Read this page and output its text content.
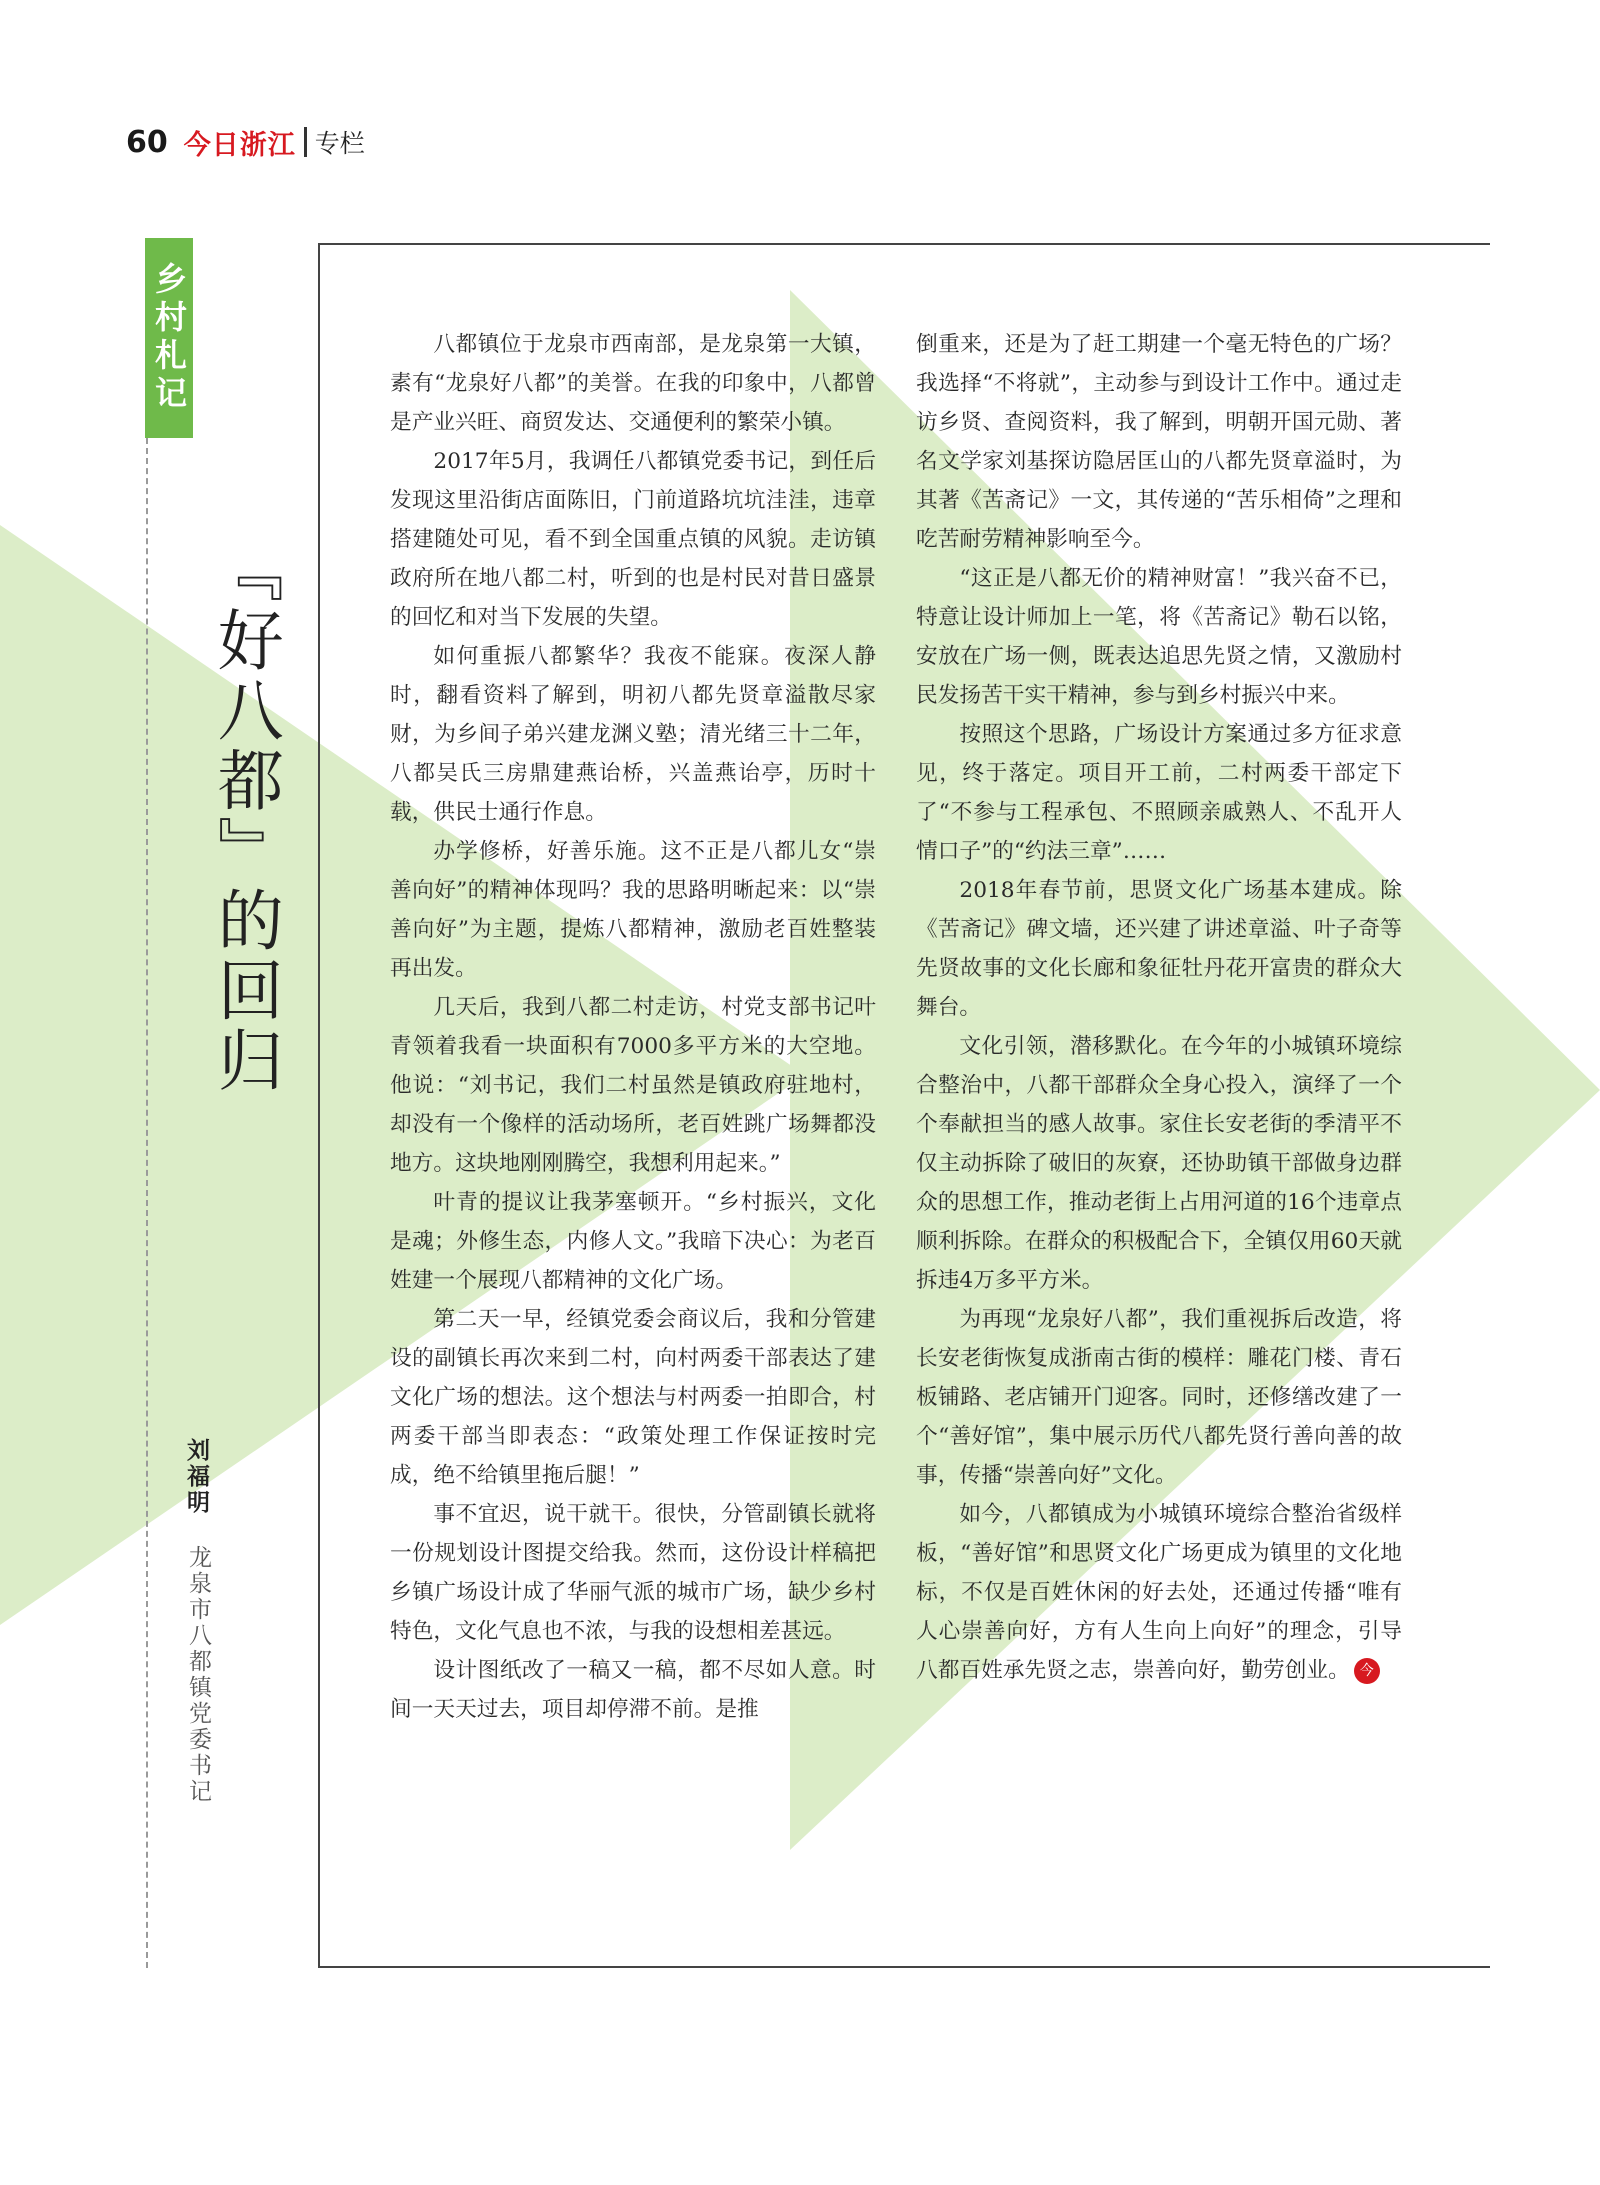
60 今日浙江 专栏
乡村札记
『好八都』的回归
刘福明
龙泉市八都镇党委书记

八都镇位于龙泉市西南部，是龙泉第一大镇，素有“龙泉好八都”的美誉。在我的印象中，八都曾是产业兴旺、商贸发达、交通便利的繁荣小镇。

2017年5月，我调任八都镇党委书记，到任后发现这里沿街店面陈旧，门前道路坑坑洼洼，违章搭建随处可见，看不到全国重点镇的风貌。走访镇政府所在地八都二村，听到的也是村民对昔日盛景的回忆和对当下发展的失望。

如何重振八都繁华？我夜不能寐。夜深人静时，翻看资料了解到，明初八都先贤章溢散尽家财，为乡间子弟兴建龙渊义塾；清光绪三十二年，八都吴氏三房鼎建燕诒桥，兴盖燕诒亭，历时十载，供民士通行作息。

办学修桥，好善乐施。这不正是八都儿女“崇善向好”的精神体现吗？我的思路明晰起来：以“崇善向好”为主题，提炼八都精神，激励老百姓整装再出发。

几天后，我到八都二村走访，村党支部书记叶青领着我看一块面积有7000多平方米的大空地。他说：“刘书记，我们二村虽然是镇政府驻地村，却没有一个像样的活动场所，老百姓跳广场舞都没地方。这块地刚刚腾空，我想利用起来。”

叶青的提议让我茅塞顿开。“乡村振兴，文化是魂；外修生态，内修人文。”我暗下决心：为老百姓建一个展现八都精神的文化广场。

第二天一早，经镇党委会商议后，我和分管建设的副镇长再次来到二村，向村两委干部表达了建文化广场的想法。这个想法与村两委一拍即合，村两委干部当即表态：“政策处理工作保证按时完成，绝不给镇里拖后腿！”

事不宜迟，说干就干。很快，分管副镇长就将一份规划设计图提交给我。然而，这份设计样稿把乡镇广场设计成了华丽气派的城市广场，缺少乡村特色，文化气息也不浓，与我的设想相差甚远。

设计图纸改了一稿又一稿，都不尽如人意。时间一天天过去，项目却停滞不前。是推

倒重来，还是为了赶工期建一个毫无特色的广场？我选择“不将就”，主动参与到设计工作中。通过走访乡贤、查阅资料，我了解到，明朝开国元勋、著名文学家刘基探访隐居匡山的八都先贤章溢时，为其著《苦斋记》一文，其传递的“苦乐相倚”之理和吃苦耐劳精神影响至今。

“这正是八都无价的精神财富！”我兴奋不已，特意让设计师加上一笔，将《苦斋记》勒石以铭，安放在广场一侧，既表达追思先贤之情，又激励村民发扬苦干实干精神，参与到乡村振兴中来。

按照这个思路，广场设计方案通过多方征求意见，终于落定。项目开工前，二村两委干部定下了“不参与工程承包、不照顾亲戚熟人、不乱开人情口子”的“约法三章”……

2018年春节前，思贤文化广场基本建成。除《苦斋记》碑文墙，还兴建了讲述章溢、叶子奇等先贤故事的文化长廊和象征牡丹花开富贵的群众大舞台。

文化引领，潜移默化。在今年的小城镇环境综合整治中，八都干部群众全身心投入，演绎了一个个奉献担当的感人故事。家住长安老街的季清平不仅主动拆除了破旧的灰寮，还协助镇干部做身边群众的思想工作，推动老街上占用河道的16个违章点顺利拆除。在群众的积极配合下，全镇仅用60天就拆违4万多平方米。

为再现“龙泉好八都”，我们重视拆后改造，将长安老街恢复成浙南古街的模样：雕花门楼、青石板铺路、老店铺开门迎客。同时，还修缮改建了一个“善好馆”，集中展示历代八都先贤行善向善的故事，传播“崇善向好”文化。

如今，八都镇成为小城镇环境综合整治省级样板，“善好馆”和思贤文化广场更成为镇里的文化地标，不仅是百姓休闲的好去处，还通过传播“唯有人心崇善向好，方有人生向上向好”的理念，引导八都百姓承先贤之志，崇善向好，勤劳创业。 今
